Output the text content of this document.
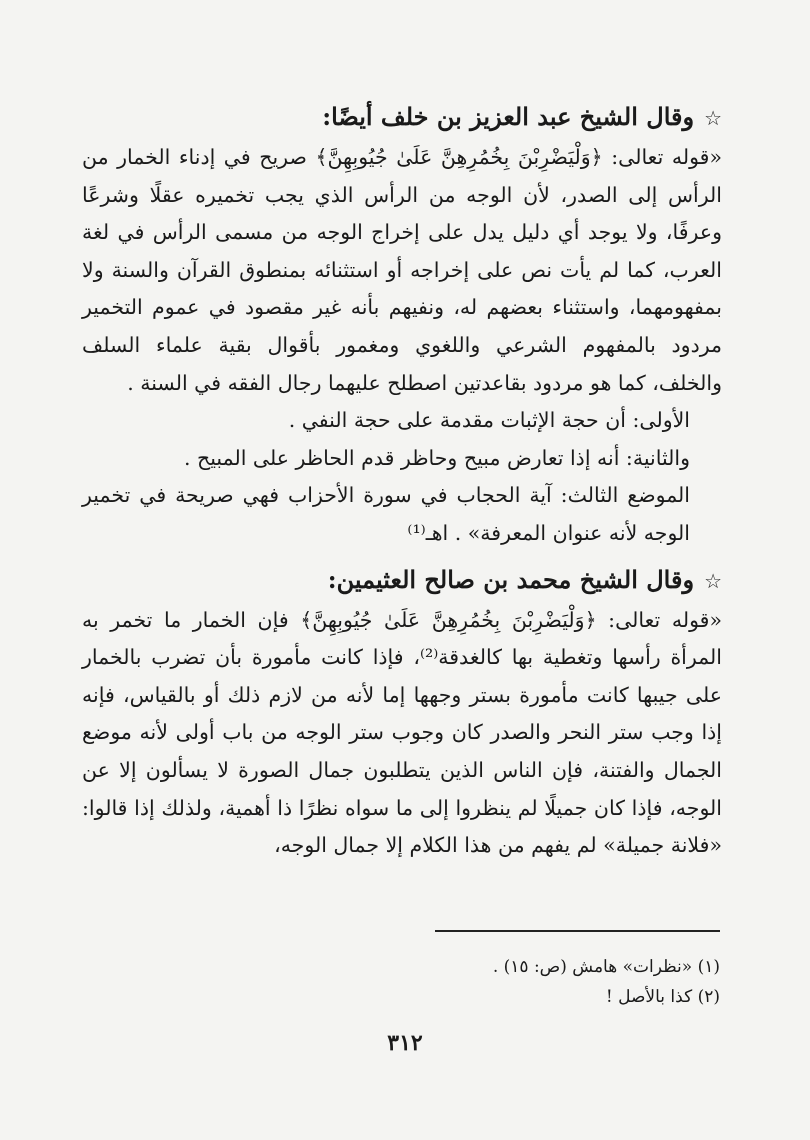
☆وقال الشيخ عبد العزيز بن خلف أيضًا:

«قوله تعالى: ﴿وَلْيَضْرِبْنَ بِخُمُرِهِنَّ عَلَىٰ جُيُوبِهِنَّ﴾ صريح في إدناء الخمار من الرأس إلى الصدر، لأن الوجه من الرأس الذي يجب تخميره عقلًا وشرعًا وعرفًا، ولا يوجد أي دليل يدل على إخراج الوجه من مسمى الرأس في لغة العرب، كما لم يأت نص على إخراجه أو استثنائه بمنطوق القرآن والسنة ولا بمفهومهما، واستثناء بعضهم له، ونفيهم بأنه غير مقصود في عموم التخمير مردود بالمفهوم الشرعي واللغوي ومغمور بأقوال بقية علماء السلف والخلف، كما هو مردود بقاعدتين اصطلح عليهما رجال الفقه في السنة .

الأولى: أن حجة الإثبات مقدمة على حجة النفي .

والثانية: أنه إذا تعارض مبيح وحاظر قدم الحاظر على المبيح .

الموضع الثالث: آية الحجاب في سورة الأحزاب فهي صريحة في تخمير الوجه لأنه عنوان المعرفة» . اهـ⁽¹⁾

☆وقال الشيخ محمد بن صالح العثيمين:

«قوله تعالى: ﴿وَلْيَضْرِبْنَ بِخُمُرِهِنَّ عَلَىٰ جُيُوبِهِنَّ﴾ فإن الخمار ما تخمر به المرأة رأسها وتغطية بها كالغدقة⁽²⁾، فإذا كانت مأمورة بأن تضرب بالخمار على جيبها كانت مأمورة بستر وجهها إما لأنه من لازم ذلك أو بالقياس، فإنه إذا وجب ستر النحر والصدر كان وجوب ستر الوجه من باب أولى لأنه موضع الجمال والفتنة، فإن الناس الذين يتطلبون جمال الصورة لا يسألون إلا عن الوجه، فإذا كان جميلًا لم ينظروا إلى ما سواه نظرًا ذا أهمية، ولذلك إذا قالوا: «فلانة جميلة» لم يفهم من هذا الكلام إلا جمال الوجه،

(١) «نظرات» هامش (ص: ١٥) .
(٢) كذا بالأصل !
٣١٢
